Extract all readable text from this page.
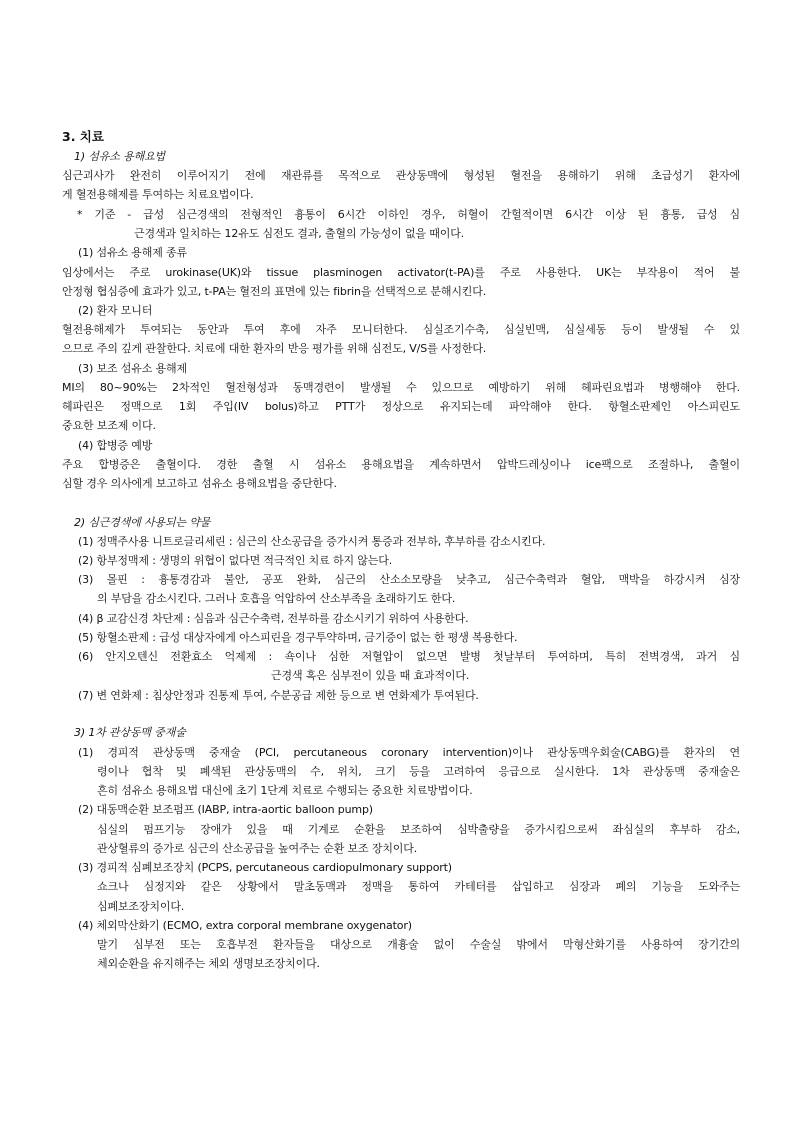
3. 치료
1) 섬유소 용해요법
심근괴사가 완전히 이루어지기 전에 재관류를 목적으로 관상동맥에 형성된 혈전을 용해하기 위해 초급성기 환자에
게 혈전용해제를 투여하는 치료요법이다.
* 기준 - 급성 심근경색의 전형적인 흉통이 6시간 이하인 경우, 허혈이 간헐적이면 6시간 이상 된 흉통, 급성 심
근경색과 일치하는 12유도 심전도 결과, 출혈의 가능성이 없을 때이다.
(1) 섬유소 용해제 종류
임상에서는 주로 urokinase(UK)와 tissue plasminogen activator(t-PA)를 주로 사용한다. UK는 부작용이 적어 불
안정형 협심증에 효과가 있고, t-PA는 혈전의 표면에 있는 fibrin을 선택적으로 분해시킨다.
(2) 환자 모니터
혈전용해제가 투여되는 동안과 투여 후에 자주 모니터한다. 심실조기수축, 심실빈맥, 심실세동 등이 발생될 수 있
으므로 주의 깊게 관찰한다. 치료에 대한 환자의 반응 평가를 위해 심전도, V/S를 사정한다.
(3) 보조 섬유소 용해제
MI의 80~90%는 2차적인 혈전형성과 동맥경련이 발생될 수 있으므로 예방하기 위해 헤파린요법과 병행해야 한다.
헤파린은 정맥으로 1회 주입(IV bolus)하고 PTT가 정상으로 유지되는데 파악해야 한다. 항혈소판제인 아스피린도
중요한 보조제 이다.
(4) 합병증 예방
주요 합병증은 출혈이다. 경한 출혈 시 섬유소 용해요법을 계속하면서 압박드레싱이나 ice팩으로 조절하나, 출혈이
심할 경우 의사에게 보고하고 섬유소 용해요법을 중단한다.
2) 심근경색에 사용되는 약물
(1) 정맥주사용 니트로글리세린 : 심근의 산소공급을 증가시켜 통증과 전부하, 후부하를 감소시킨다.
(2) 항부정맥제 : 생명의 위협이 없다면 적극적인 치료 하지 않는다.
(3) 몰핀 : 흉통경감과 불안, 공포 완화, 심근의 산소소모량을 낮추고, 심근수축력과 혈압, 맥박을 하강시켜 심장
의 부담을 감소시킨다. 그러나 호흡을 억압하여 산소부족을 초래하기도 한다.
(4) β 교감신경 차단제 : 심음과 심근수축력, 전부하를 감소시키기 위하여 사용한다.
(5) 항혈소판제 : 급성 대상자에게 아스피린을 경구투약하며, 금기증이 없는 한 평생 복용한다.
(6) 안지오텐신 전환효소 억제제 : 쇽이나 심한 저혈압이 없으면 발병 첫날부터 투여하며, 특히 전벽경색, 과거 심
근경색 혹은 심부전이 있을 때 효과적이다.
(7) 변 연화제 : 침상안정과 진통제 투여, 수분공급 제한 등으로 변 연화제가 투여된다.
3) 1차 관상동맥 중재술
(1) 경피적 관상동맥 중재술 (PCI, percutaneous coronary intervention)이나 관상동맥우회술(CABG)를 환자의 연
령이나 협착 및 폐색된 관상동맥의 수, 위치, 크기 등을 고려하여 응급으로 실시한다. 1차 관상동맥 중재술은
흔히 섬유소 용해요법 대신에 초기 1단계 치료로 수행되는 중요한 치료방법이다.
(2) 대동맥순환 보조펌프 (IABP, intra-aortic balloon pump)
심실의 펌프기능 장애가 있을 때 기계로 순환을 보조하여 심박출량을 증가시킴으로써 좌심실의 후부하 감소,
관상혈류의 증가로 심근의 산소공급을 높여주는 순환 보조 장치이다.
(3) 경피적 심폐보조장치 (PCPS, percutaneous cardiopulmonary support)
쇼크나 심정지와 같은 상황에서 말초동맥과 정맥을 통하여 카테터를 삽입하고 심장과 폐의 기능을 도와주는
심폐보조장치이다.
(4) 체외막산화기 (ECMO, extra corporal membrane oxygenator)
말기 심부전 또는 호흡부전 환자들을 대상으로 개흉술 없이 수술실 밖에서 막형산화기를 사용하여 장기간의
체외순환을 유지해주는 체외 생명보조장치이다.
